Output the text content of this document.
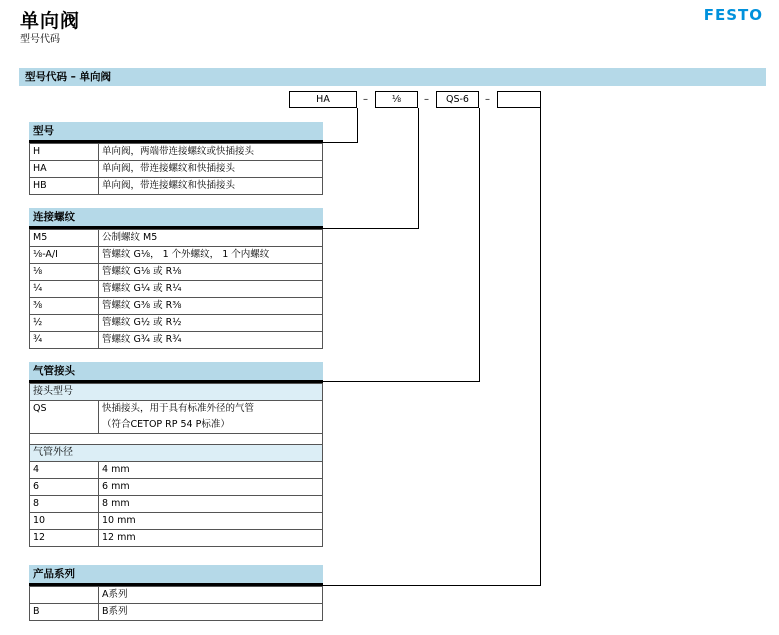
单向阀
型号代码
FESTO
型号代码 – 单向阀
HA	–	⅛	–	QS-6	–
型号
H	单向阀，两端带连接螺纹或快插接头
HA	单向阀，带连接螺纹和快插接头
HB	单向阀，带连接螺纹和快插接头
连接螺纹
M5	公制螺纹 M5
⅛-A/I	管螺纹 G⅛， 1 个外螺纹， 1 个内螺纹
⅛	管螺纹 G⅛ 或 R⅛
¼	管螺纹 G¼ 或 R¼
⅜	管螺纹 G⅜ 或 R⅜
½	管螺纹 G½ 或 R½
¾	管螺纹 G¾ 或 R¾
气管接头
接头型号	
QS	快插接头，用于具有标准外径的气管
（符合CETOP RP 54 P标准）

气管外径	
4	4 mm
6	6 mm
8	8 mm
10	10 mm
12	12 mm
产品系列
	A系列
B	B系列
